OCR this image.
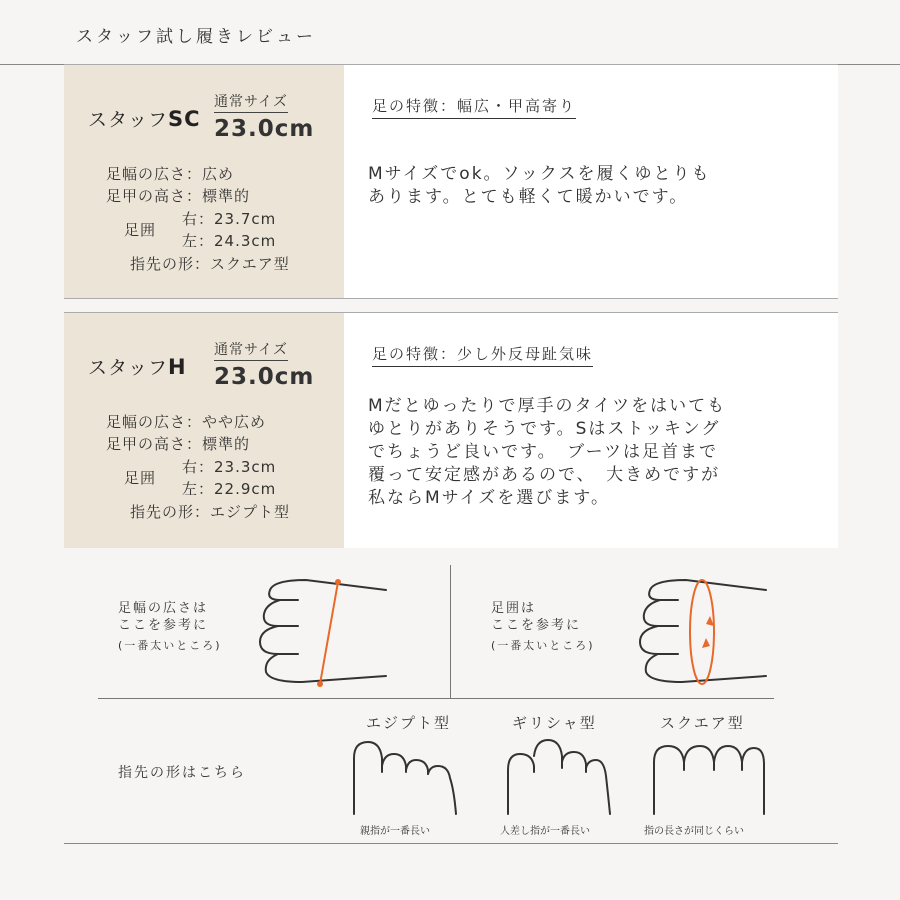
スタッフ試し履きレビュー
スタッフSC
通常サイズ
23.0cm
足幅の広さ：広め
足甲の高さ：標準的
足囲
右：23.7cm
左：24.3cm
指先の形：スクエア型
足の特徴：幅広・甲高寄り
Mサイズでok。ソックスを履くゆとりも
あります。とても軽くて暖かいです。
スタッフH
通常サイズ
23.0cm
足幅の広さ：やや広め
足甲の高さ：標準的
足囲
右：23.3cm
左：22.9cm
指先の形：エジプト型
足の特徴：少し外反母趾気味
Mだとゆったりで厚手のタイツをはいても
ゆとりがありそうです。Sはストッキング
でちょうど良いです。　ブーツは足首まで
覆って安定感があるので、　大きめですが
私ならMサイズを選びます。
足幅の広さは
ここを参考に
(一番太いところ)
足囲は
ここを参考に
(一番太いところ)
指先の形はこちら
エジプト型
親指が一番長い
ギリシャ型
人差し指が一番長い
スクエア型
指の長さが同じくらい
